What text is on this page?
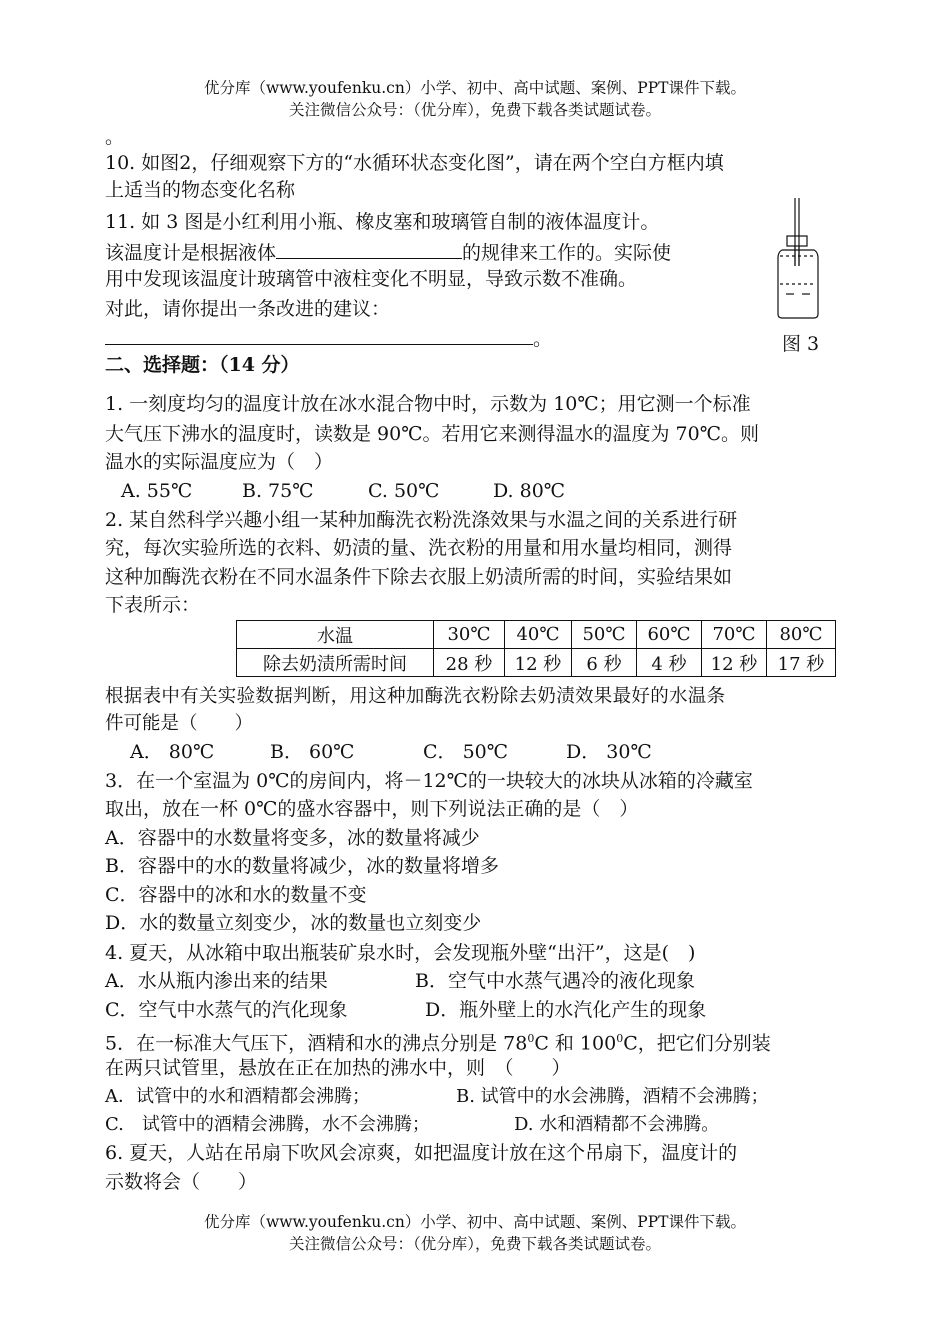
优分库（www.youfenku.cn）小学、初中、高中试题、案例、PPT课件下载。
关注微信公众号：（优分库），免费下载各类试题试卷。
。
10. 如图2，仔细观察下方的“水循环状态变化图”，请在两个空白方框内填
上适当的物态变化名称
11. 如 3 图是小红利用小瓶、橡皮塞和玻璃管自制的液体温度计。
该温度计是根据液体	的规律来工作的。实际使
用中发现该温度计玻璃管中液柱变化不明显，导致示数不准确。
对此，请你提出一条改进的建议：
。	图 3
二、选择题：（14 分）
1. 一刻度均匀的温度计放在冰水混合物中时，示数为 10℃；用它测一个标准
大气压下沸水的温度时，读数是 90℃。若用它来测得温水的温度为 70℃。则
温水的实际温度应为（　）
A. 55℃	B. 75℃	C. 50℃	D. 80℃
2. 某自然科学兴趣小组一某种加酶洗衣粉洗涤效果与水温之间的关系进行研
究，每次实验所选的衣料、奶渍的量、洗衣粉的用量和用水量均相同，测得
这种加酶洗衣粉在不同水温条件下除去衣服上奶渍所需的时间，实验结果如
下表所示：
水温	30℃	40℃	50℃	60℃	70℃	80℃
除去奶渍所需时间	28 秒	12 秒	6 秒	4 秒	12 秒	17 秒
根据表中有关实验数据判断，用这种加酶洗衣粉除去奶渍效果最好的水温条
件可能是（　　）
A． 80℃	B． 60℃	C． 50℃	D． 30℃
3．在一个室温为 0℃的房间内，将－12℃的一块较大的冰块从冰箱的冷藏室
取出，放在一杯 0℃的盛水容器中，则下列说法正确的是（　）
A．容器中的水数量将变多，冰的数量将减少
B．容器中的水的数量将减少，冰的数量将增多
C．容器中的冰和水的数量不变
D．水的数量立刻变少，冰的数量也立刻变少
4. 夏天，从冰箱中取出瓶装矿泉水时，会发现瓶外壁“出汗”，这是(　)
A．水从瓶内渗出来的结果	B．空气中水蒸气遇冷的液化现象
C．空气中水蒸气的汽化现象	D．瓶外壁上的水汽化产生的现象
5．在一标准大气压下，酒精和水的沸点分别是 $78^0C$ 和 $100^0C$，把它们分别装
在两只试管里，悬放在正在加热的沸水中，则　（　　）
A．试管中的水和酒精都会沸腾；	B. 试管中的水会沸腾，酒精不会沸腾；
C.　试管中的酒精会沸腾，水不会沸腾；	D. 水和酒精都不会沸腾。
6. 夏天，人站在吊扇下吹风会凉爽，如把温度计放在这个吊扇下，温度计的
示数将会（　　）
优分库（www.youfenku.cn）小学、初中、高中试题、案例、PPT课件下载。
关注微信公众号：（优分库），免费下载各类试题试卷。
